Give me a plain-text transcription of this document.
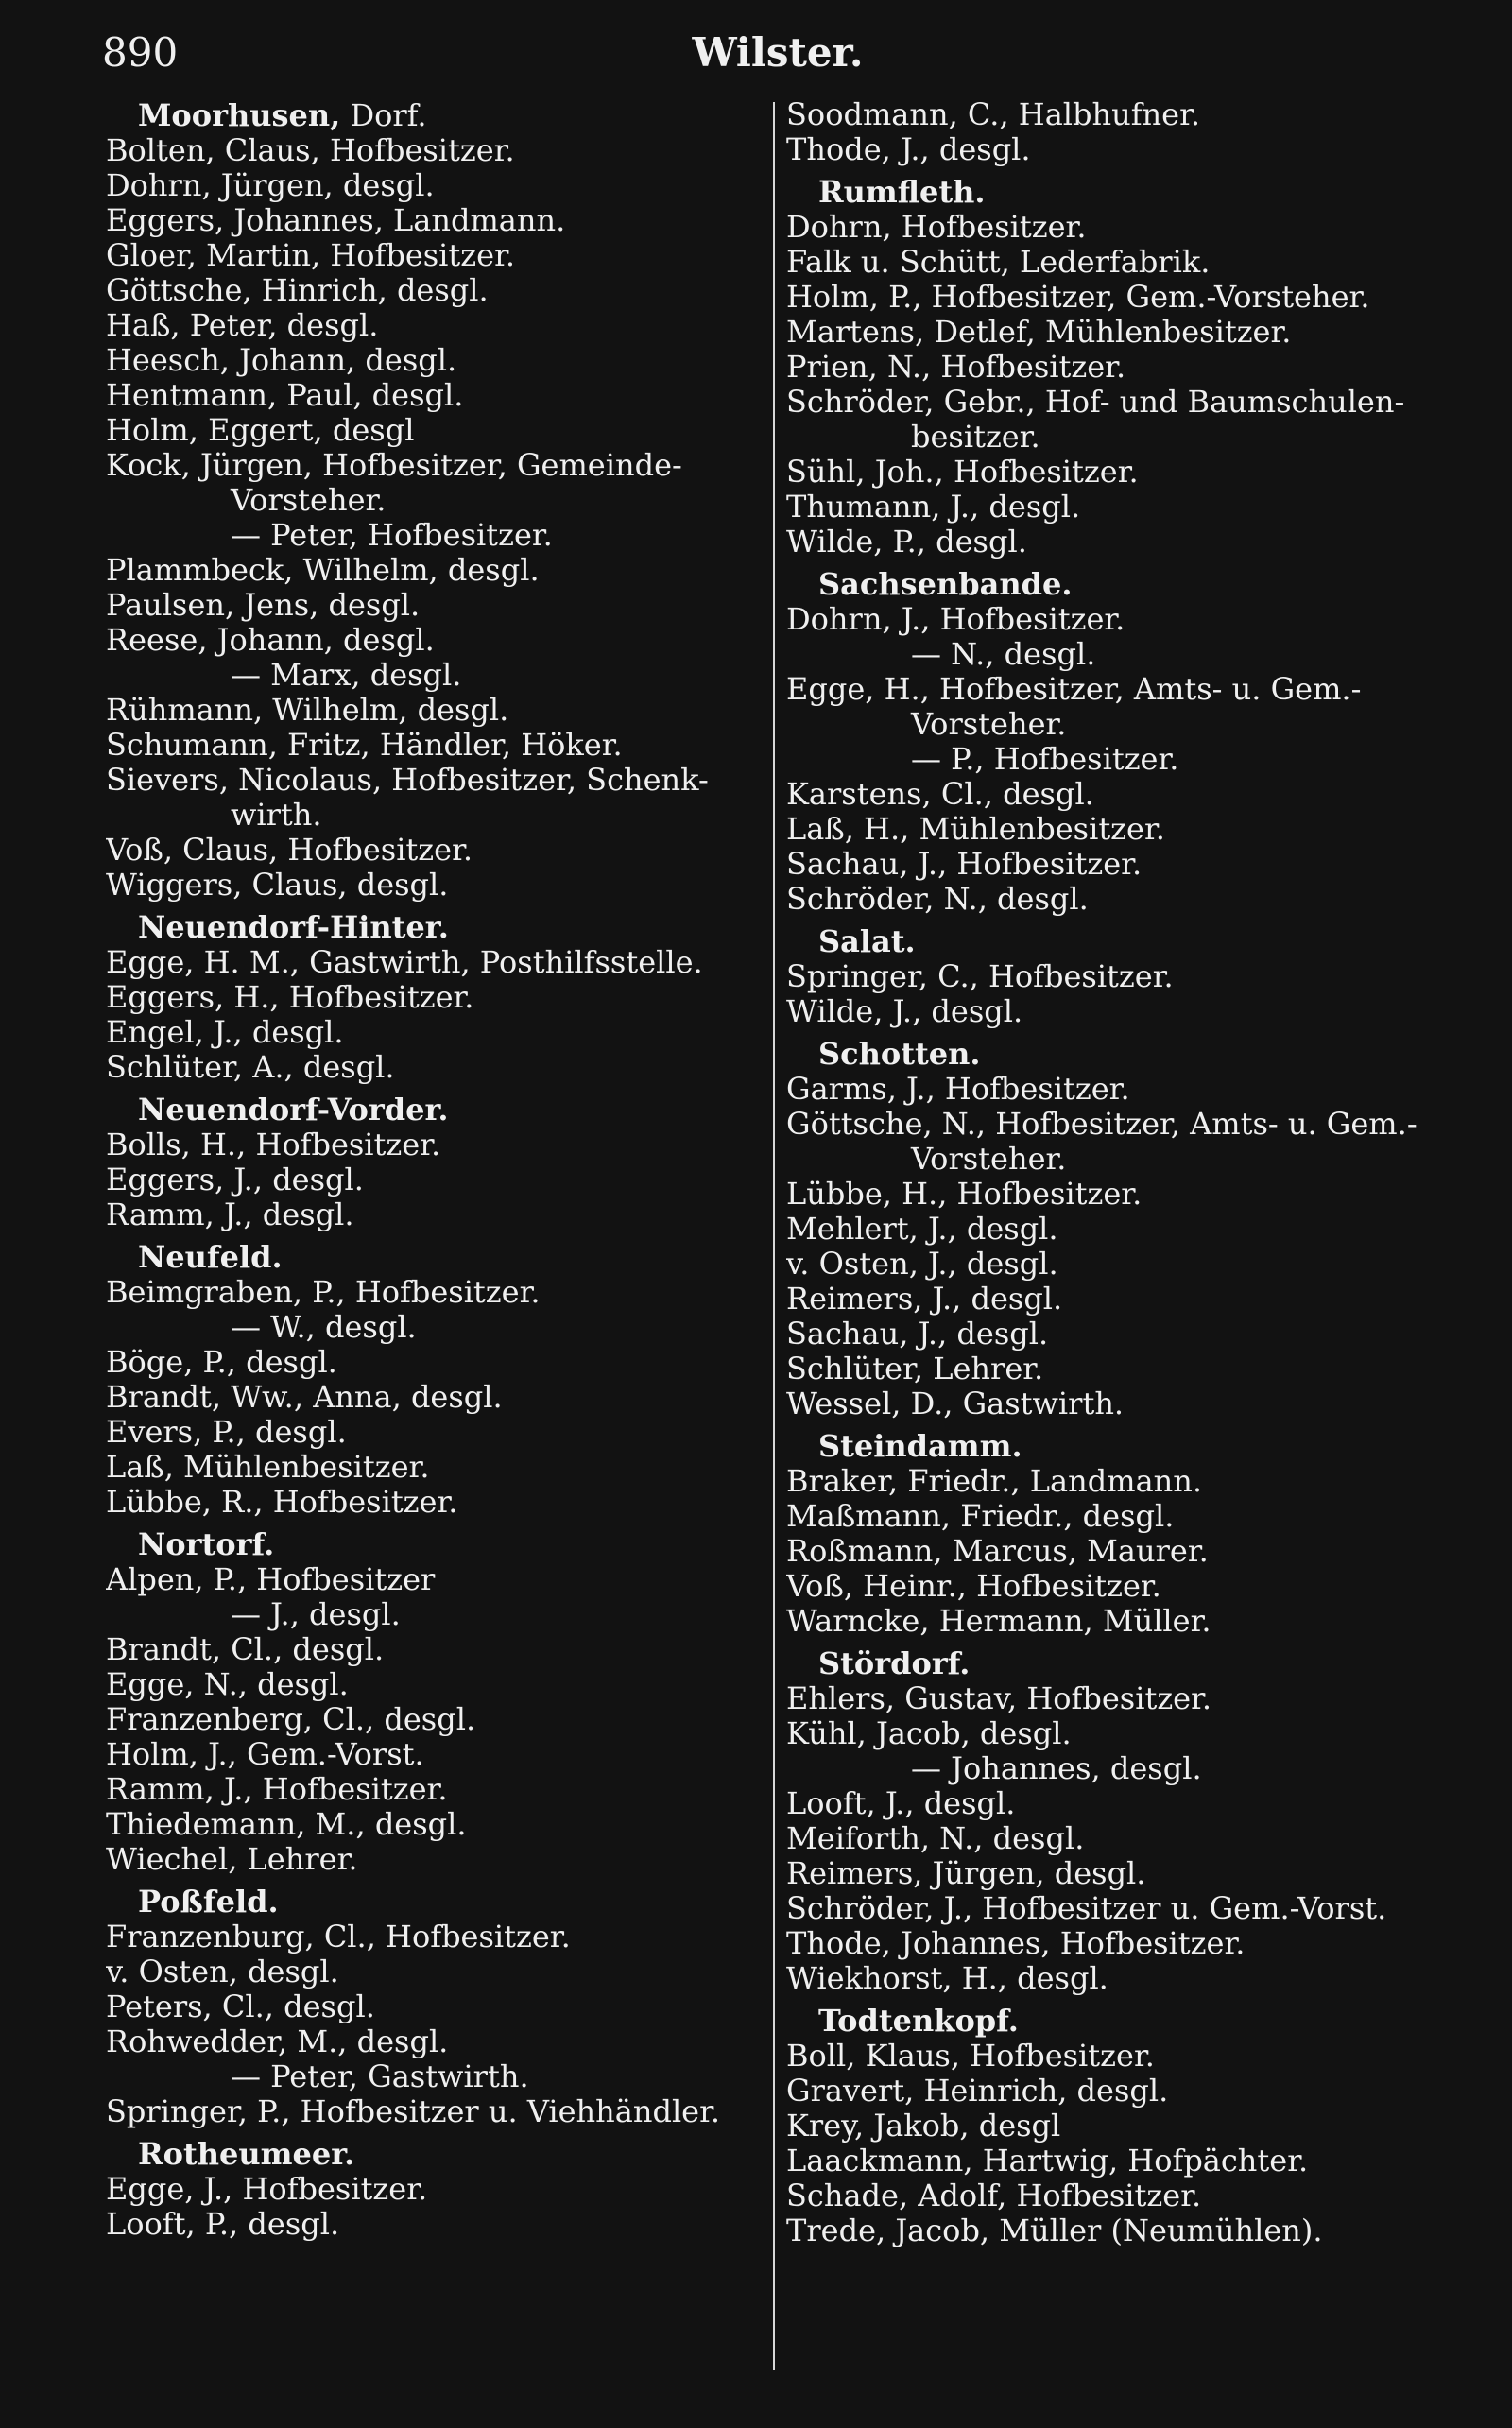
890	Wilster.
Moorhusen, Dorf.
Bolten, Claus, Hofbesitzer.
Dohrn, Jürgen, desgl.
Eggers, Johannes, Landmann.
Gloer, Martin, Hofbesitzer.
Göttsche, Hinrich, desgl.
Haß, Peter, desgl.
Heesch, Johann, desgl.
Hentmann, Paul, desgl.
Holm, Eggert, desgl
Kock, Jürgen, Hofbesitzer, Gemeinde-
Vorsteher.
— Peter, Hofbesitzer.
Plammbeck, Wilhelm, desgl.
Paulsen, Jens, desgl.
Reese, Johann, desgl.
— Marx, desgl.
Rühmann, Wilhelm, desgl.
Schumann, Fritz, Händler, Höker.
Sievers, Nicolaus, Hofbesitzer, Schenk-
wirth.
Voß, Claus, Hofbesitzer.
Wiggers, Claus, desgl.
Neuendorf-Hinter.
Egge, H. M., Gastwirth, Posthilfsstelle.
Eggers, H., Hofbesitzer.
Engel, J., desgl.
Schlüter, A., desgl.
Neuendorf-Vorder.
Bolls, H., Hofbesitzer.
Eggers, J., desgl.
Ramm, J., desgl.
Neufeld.
Beimgraben, P., Hofbesitzer.
— W., desgl.
Böge, P., desgl.
Brandt, Ww., Anna, desgl.
Evers, P., desgl.
Laß, Mühlenbesitzer.
Lübbe, R., Hofbesitzer.
Nortorf.
Alpen, P., Hofbesitzer
— J., desgl.
Brandt, Cl., desgl.
Egge, N., desgl.
Franzenberg, Cl., desgl.
Holm, J., Gem.-Vorst.
Ramm, J., Hofbesitzer.
Thiedemann, M., desgl.
Wiechel, Lehrer.
Poßfeld.
Franzenburg, Cl., Hofbesitzer.
v. Osten, desgl.
Peters, Cl., desgl.
Rohwedder, M., desgl.
— Peter, Gastwirth.
Springer, P., Hofbesitzer u. Viehhändler.
Rotheumeer.
Egge, J., Hofbesitzer.
Looft, P., desgl.
Soodmann, C., Halbhufner.
Thode, J., desgl.
Rumfleth.
Dohrn, Hofbesitzer.
Falk u. Schütt, Lederfabrik.
Holm, P., Hofbesitzer, Gem.-Vorsteher.
Martens, Detlef, Mühlenbesitzer.
Prien, N., Hofbesitzer.
Schröder, Gebr., Hof- und Baumschulen-
besitzer.
Sühl, Joh., Hofbesitzer.
Thumann, J., desgl.
Wilde, P., desgl.
Sachsenbande.
Dohrn, J., Hofbesitzer.
— N., desgl.
Egge, H., Hofbesitzer, Amts- u. Gem.-
Vorsteher.
— P., Hofbesitzer.
Karstens, Cl., desgl.
Laß, H., Mühlenbesitzer.
Sachau, J., Hofbesitzer.
Schröder, N., desgl.
Salat.
Springer, C., Hofbesitzer.
Wilde, J., desgl.
Schotten.
Garms, J., Hofbesitzer.
Göttsche, N., Hofbesitzer, Amts- u. Gem.-
Vorsteher.
Lübbe, H., Hofbesitzer.
Mehlert, J., desgl.
v. Osten, J., desgl.
Reimers, J., desgl.
Sachau, J., desgl.
Schlüter, Lehrer.
Wessel, D., Gastwirth.
Steindamm.
Braker, Friedr., Landmann.
Maßmann, Friedr., desgl.
Roßmann, Marcus, Maurer.
Voß, Heinr., Hofbesitzer.
Warncke, Hermann, Müller.
Stördorf.
Ehlers, Gustav, Hofbesitzer.
Kühl, Jacob, desgl.
— Johannes, desgl.
Looft, J., desgl.
Meiforth, N., desgl.
Reimers, Jürgen, desgl.
Schröder, J., Hofbesitzer u. Gem.-Vorst.
Thode, Johannes, Hofbesitzer.
Wiekhorst, H., desgl.
Todtenkopf.
Boll, Klaus, Hofbesitzer.
Gravert, Heinrich, desgl.
Krey, Jakob, desgl
Laackmann, Hartwig, Hofpächter.
Schade, Adolf, Hofbesitzer.
Trede, Jacob, Müller (Neumühlen).
